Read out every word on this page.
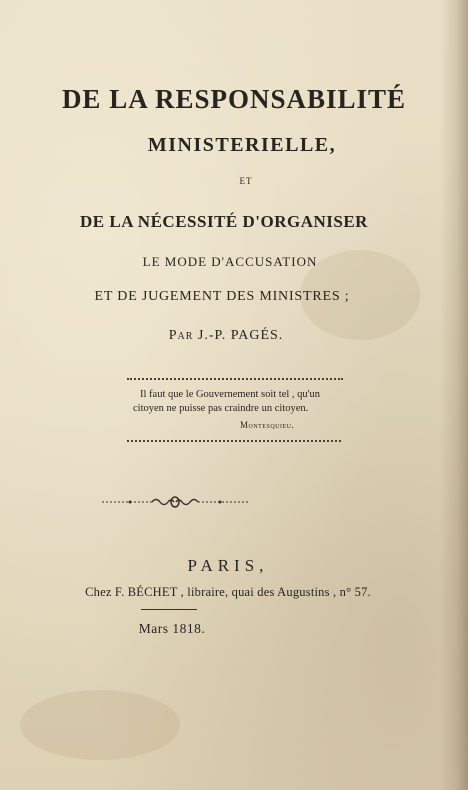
DE LA RESPONSABILITÉ
MINISTERIELLE,
ET
DE LA NÉCESSITÉ D'ORGANISER
LE MODE D'ACCUSATION
ET DE JUGEMENT DES MINISTRES ;
Par J.-P. PAGÉS.
Il faut que le Gouvernement soit tel , qu'un
citoyen ne puisse pas craindre un citoyen.
Montesquieu.
PARIS,
Chez F. BÉCHET , libraire, quai des Augustins , n° 57.
Mars 1818.
